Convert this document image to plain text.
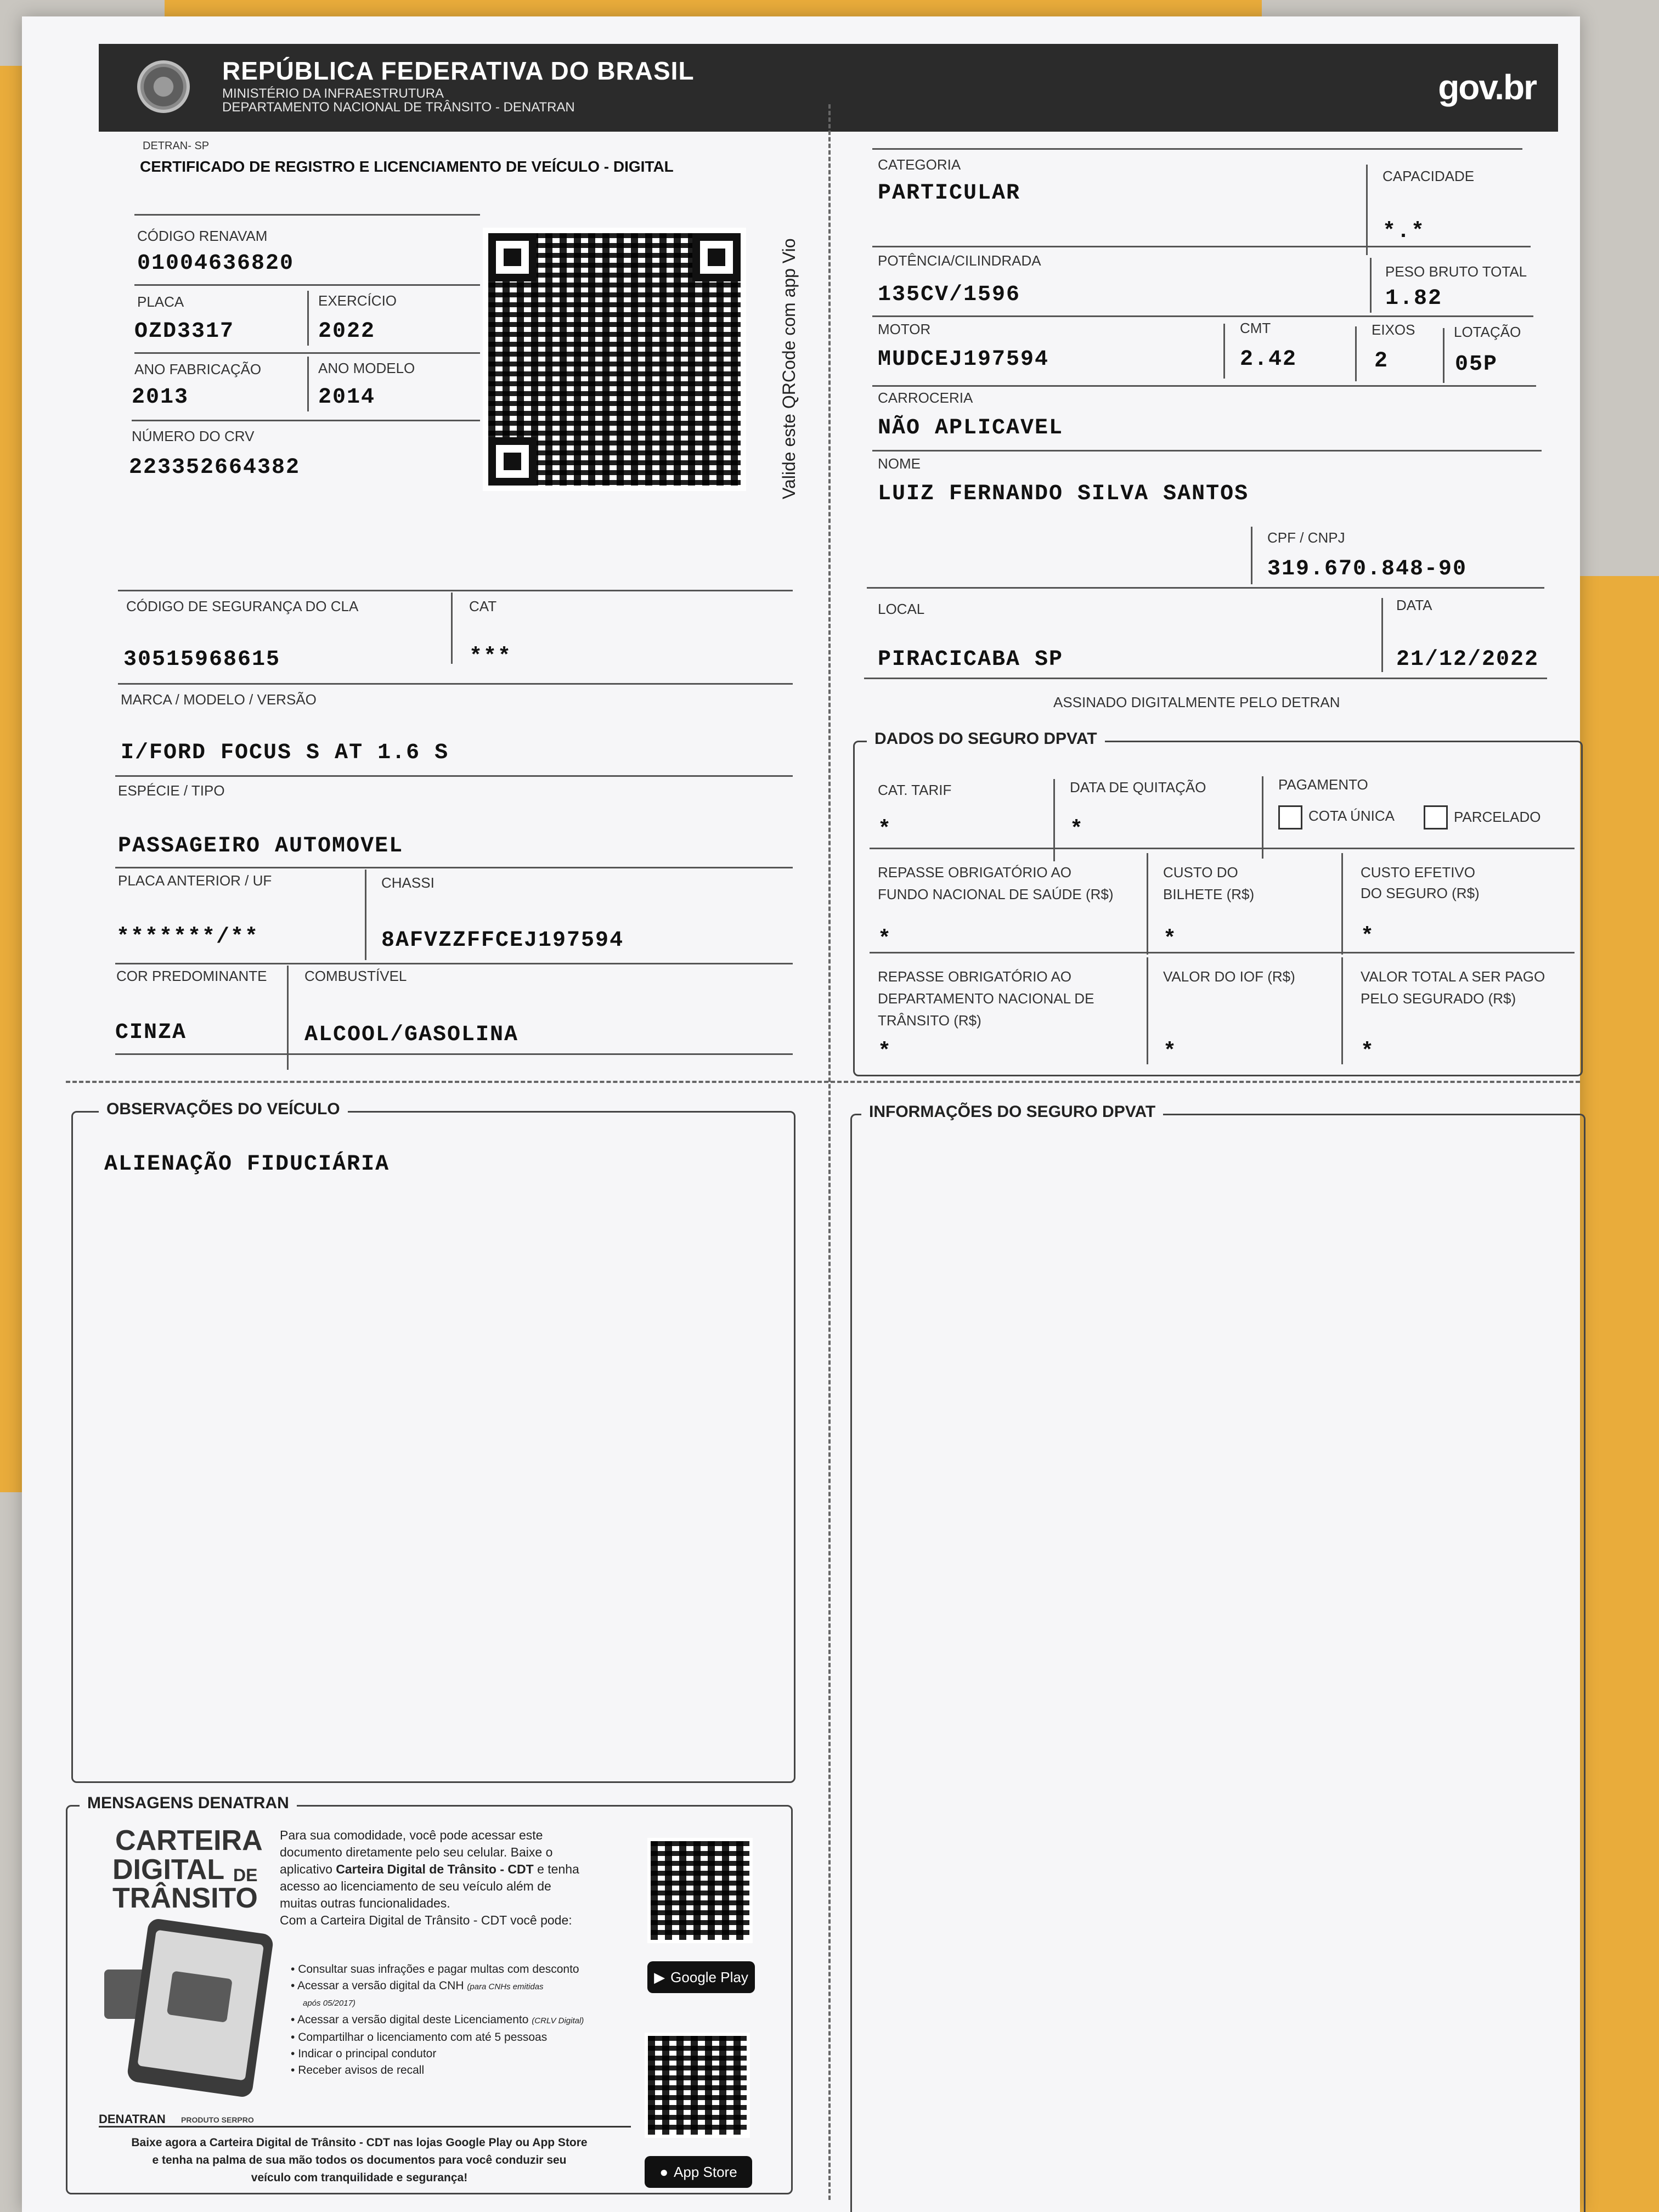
REPÚBLICA FEDERATIVA DO BRASIL
MINISTÉRIO DA INFRAESTRUTURA
DEPARTAMENTO NACIONAL DE TRÂNSITO - DENATRAN
gov.br
DETRAN- SP
CERTIFICADO DE REGISTRO E LICENCIAMENTO DE VEÍCULO - DIGITAL
CÓDIGO RENAVAM
01004636820
PLACA
OZD3317
EXERCÍCIO
2022
ANO FABRICAÇÃO
2013
ANO MODELO
2014
NÚMERO DO CRV
223352664382	Valide este QRCode com app Vio
CÓDIGO DE SEGURANÇA DO CLA
30515968615
CAT
***
MARCA / MODELO / VERSÃO
I/FORD FOCUS S AT 1.6 S
ESPÉCIE / TIPO
PASSAGEIRO AUTOMOVEL
PLACA ANTERIOR / UF
*******/**
CHASSI
8AFVZZFFCEJ197594
COR PREDOMINANTE
CINZA
COMBUSTÍVEL
ALCOOL/GASOLINA
CATEGORIA
PARTICULAR
CAPACIDADE
*.*
POTÊNCIA/CILINDRADA
135CV/1596
PESO BRUTO TOTAL
1.82
MOTOR
MUDCEJ197594
CMT
2.42
EIXOS
2
LOTAÇÃO
05P
CARROCERIA
NÃO APLICAVEL
NOME
LUIZ FERNANDO SILVA SANTOS
CPF / CNPJ
319.670.848-90
LOCAL
PIRACICABA SP
DATA
21/12/2022
ASSINADO DIGITALMENTE PELO DETRAN
DADOS DO SEGURO DPVAT
CAT. TARIF
*
DATA DE QUITAÇÃO
*
PAGAMENTO
COTA ÚNICA	PARCELADO
REPASSE OBRIGATÓRIO AO
FUNDO NACIONAL DE SAÚDE (R$)
*
CUSTO DO
BILHETE (R$)
*
CUSTO EFETIVO
DO SEGURO (R$)
*
REPASSE OBRIGATÓRIO AO
DEPARTAMENTO NACIONAL DE
TRÂNSITO (R$)
*
VALOR DO IOF (R$)
*
VALOR TOTAL A SER PAGO
PELO SEGURADO (R$)
*
OBSERVAÇÕES DO VEÍCULO
ALIENAÇÃO FIDUCIÁRIA
INFORMAÇÕES DO SEGURO DPVAT
MENSAGENS DENATRAN
CARTEIRA
DIGITAL DE
TRÂNSITO
DENATRAN PRODUTO SERPRO
Para sua comodidade, você pode acessar este
documento diretamente pelo seu celular. Baixe o
aplicativo Carteira Digital de Trânsito - CDT e tenha
acesso ao licenciamento de seu veículo além de
muitas outras funcionalidades.
Com a Carteira Digital de Trânsito - CDT você pode:
• Consultar suas infrações e pagar multas com desconto
• Acessar a versão digital da CNH (para CNHs emitidas
após 05/2017)
• Acessar a versão digital deste Licenciamento (CRLV Digital)
• Compartilhar o licenciamento com até 5 pessoas
• Indicar o principal condutor
• Receber avisos de recall
▶ Google Play
● App Store
Baixe agora a Carteira Digital de Trânsito - CDT nas lojas Google Play ou App Store
e tenha na palma de sua mão todos os documentos para você conduzir seu
veículo com tranquilidade e segurança!
